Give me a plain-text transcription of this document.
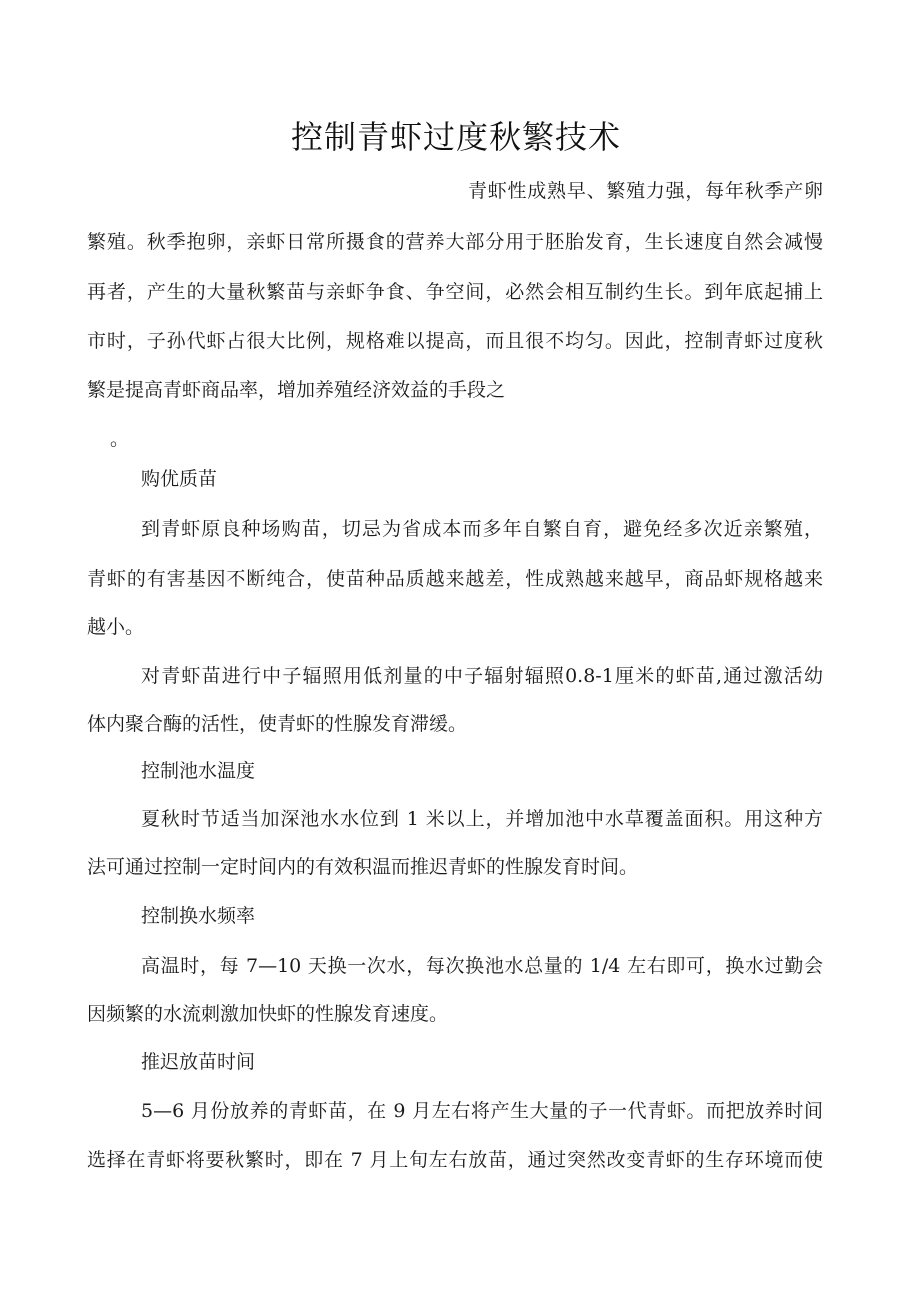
控制青虾过度秋繁技术
青虾性成熟早、繁殖力强，每年秋季产卵
繁殖。秋季抱卵，亲虾日常所摄食的营养大部分用于胚胎发育，生长速度自然会减慢
再者，产生的大量秋繁苗与亲虾争食、争空间，必然会相互制约生长。到年底起捕上
市时，子孙代虾占很大比例，规格难以提高，而且很不均匀。因此，控制青虾过度秋
繁是提高青虾商品率，增加养殖经济效益的手段之
。
购优质苗
到青虾原良种场购苗，切忌为省成本而多年自繁自育，避免经多次近亲繁殖，
青虾的有害基因不断纯合，使苗种品质越来越差，性成熟越来越早，商品虾规格越来
越小。
对青虾苗进行中子辐照用低剂量的中子辐射辐照0.8-1厘米的虾苗,通过激活幼
体内聚合酶的活性，使青虾的性腺发育滞缓。
控制池水温度
夏秋时节适当加深池水水位到 1 米以上，并增加池中水草覆盖面积。用这种方
法可通过控制一定时间内的有效积温而推迟青虾的性腺发育时间。
控制换水频率
高温时，每 7—10 天换一次水，每次换池水总量的 1/4 左右即可，换水过勤会
因频繁的水流刺激加快虾的性腺发育速度。
推迟放苗时间
5—6 月份放养的青虾苗，在 9 月左右将产生大量的子一代青虾。而把放养时间
选择在青虾将要秋繁时，即在 7 月上旬左右放苗，通过突然改变青虾的生存环境而使
